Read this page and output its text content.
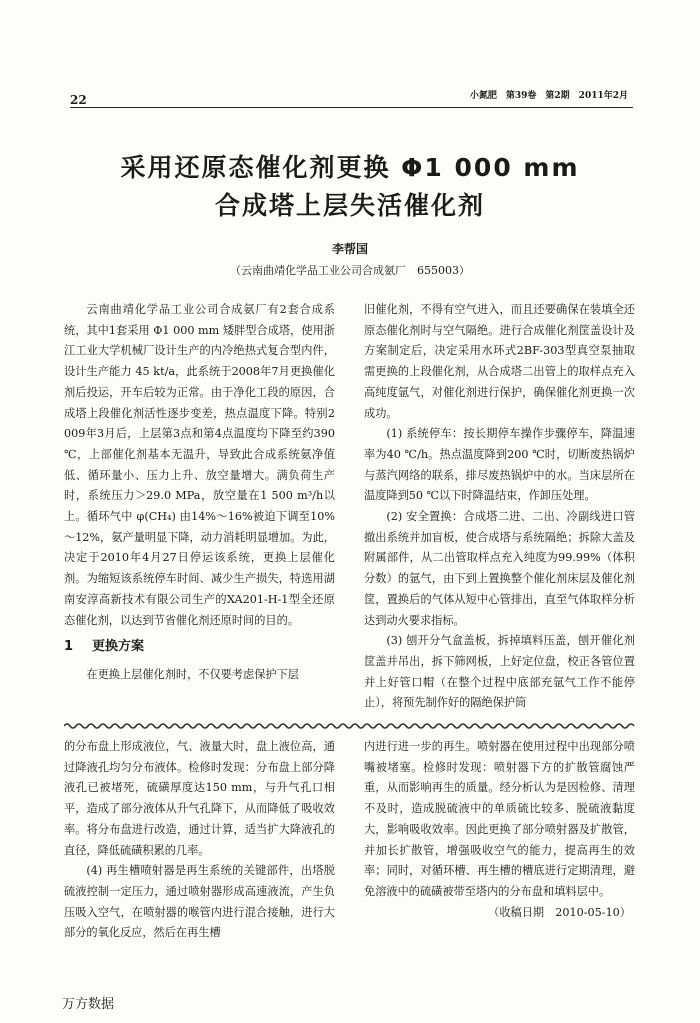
22	小氮肥　第39卷　第2期　2011年2月
采用还原态催化剂更换 Φ1 000 mm
合成塔上层失活催化剂
李帮国
（云南曲靖化学品工业公司合成氨厂　655003）

云南曲靖化学品工业公司合成氨厂有2套合成系统，其中1套采用 Φ1 000 mm 矮胖型合成塔，使用浙江工业大学机械厂设计生产的内冷绝热式复合型内件，设计生产能力 45 kt/a，此系统于2008年7月更换催化剂后投运，开车后较为正常。由于净化工段的原因，合成塔上段催化剂活性逐步变差，热点温度下降。特别2009年3月后，上层第3点和第4点温度均下降至约390 ℃，上部催化剂基本无温升，导致此合成系统氨净值低、循环量小、压力上升、放空量增大。满负荷生产时，系统压力＞29.0 MPa，放空量在1 500 m³/h以上。循环气中 φ(CH₄) 由14%～16%被迫下调至10%～12%，氨产量明显下降，动力消耗明显增加。为此，决定于2010年4月27日停运该系统，更换上层催化剂。为缩短该系统停车时间、减少生产损失，特选用湖南安淳高新技术有限公司生产的XA201-H-1型全还原态催化剂，以达到节省催化剂还原时间的目的。

1 更换方案

在更换上层催化剂时，不仅要考虑保护下层

旧催化剂，不得有空气进入，而且还要确保在装填全还原态催化剂时与空气隔绝。进行合成催化剂筐盖设计及方案制定后，决定采用水环式2BF-303型真空泵抽取需更换的上段催化剂，从合成塔二出管上的取样点充入高纯度氩气，对催化剂进行保护，确保催化剂更换一次成功。

(1) 系统停车：按长期停车操作步骤停车，降温速率为40 ℃/h。热点温度降到200 ℃时，切断废热锅炉与蒸汽网络的联系，排尽废热锅炉中的水。当床层所在温度降到50 ℃以下时降温结束，作卸压处理。

(2) 安全置换：合成塔二进、二出、冷副线进口管撤出系统并加盲板，使合成塔与系统隔绝；拆除大盖及附属部件，从二出管取样点充入纯度为99.99%（体积分数）的氩气，由下到上置换整个催化剂床层及催化剂筐，置换后的气体从短中心管排出，直至气体取样分析达到动火要求指标。

(3) 刨开分气盒盖板，拆掉填料压盖，刨开催化剂筐盖并吊出，拆下筛网板，上好定位盘，校正各管位置并上好管口帽（在整个过程中底部充氩气工作不能停止），将预先制作好的隔绝保护筒

的分布盘上形成液位，气、液量大时，盘上液位高，通过降液孔均匀分布液体。检修时发现：分布盘上部分降液孔已被堵死，硫磺厚度达150 mm，与升气孔口相平，造成了部分液体从升气孔降下，从而降低了吸收效率。将分布盘进行改造，通过计算，适当扩大降液孔的直径，降低硫磺积累的几率。

(4) 再生槽喷射器是再生系统的关键部件，出塔脱硫液控制一定压力，通过喷射器形成高速液流，产生负压吸入空气，在喷射器的喉管内进行混合接触，进行大部分的氧化反应，然后在再生槽

内进行进一步的再生。喷射器在使用过程中出现部分喷嘴被堵塞。检修时发现：喷射器下方的扩散管腐蚀严重，从而影响再生的质量。经分析认为是因检修、清理不及时，造成脱硫液中的单质硫比较多、脱硫液黏度大，影响吸收效率。因此更换了部分喷射器及扩散管，并加长扩散管，增强吸收空气的能力，提高再生的效率；同时，对循环槽、再生槽的槽底进行定期清理，避免溶液中的硫磺被带至塔内的分布盘和填料层中。

（收稿日期　2010-05-10）

万方数据
